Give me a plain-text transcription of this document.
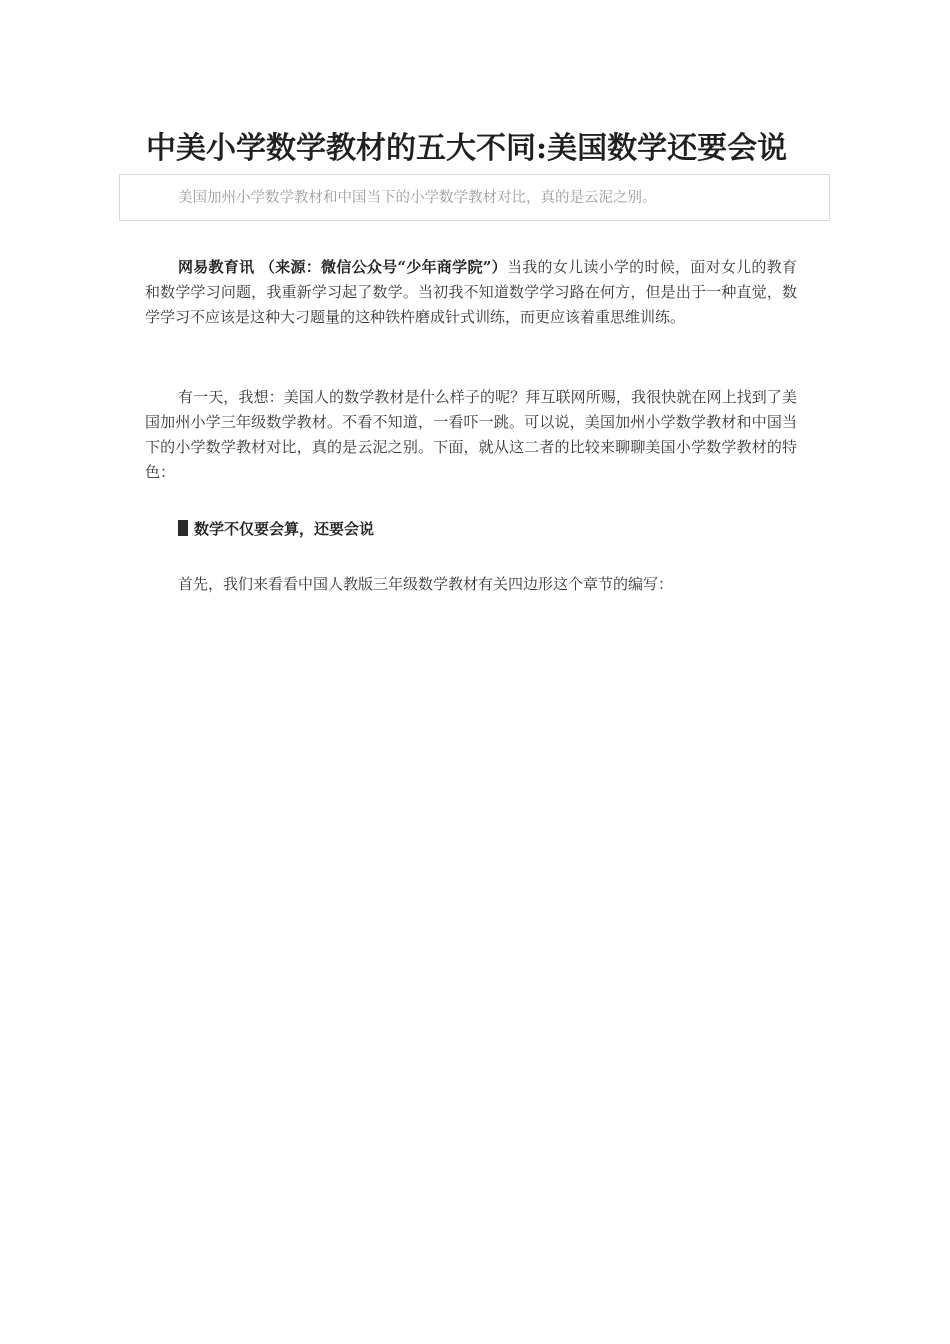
中美小学数学教材的五大不同:美国数学还要会说
美国加州小学数学教材和中国当下的小学数学教材对比，真的是云泥之别。

网易教育讯 （来源：微信公众号“少年商学院”）当我的女儿读小学的时候，面对女儿的教育和数学学习问题，我重新学习起了数学。当初我不知道数学学习路在何方，但是出于一种直觉，数学学习不应该是这种大刁题量的这种铁杵磨成针式训练，而更应该着重思维训练。

有一天，我想：美国人的数学教材是什么样子的呢？拜互联网所赐，我很快就在网上找到了美国加州小学三年级数学教材。不看不知道，一看吓一跳。可以说，美国加州小学数学教材和中国当下的小学数学教材对比，真的是云泥之别。下面，就从这二者的比较来聊聊美国小学数学教材的特色：

数学不仅要会算，还要会说

首先，我们来看看中国人教版三年级数学教材有关四边形这个章节的编写：
